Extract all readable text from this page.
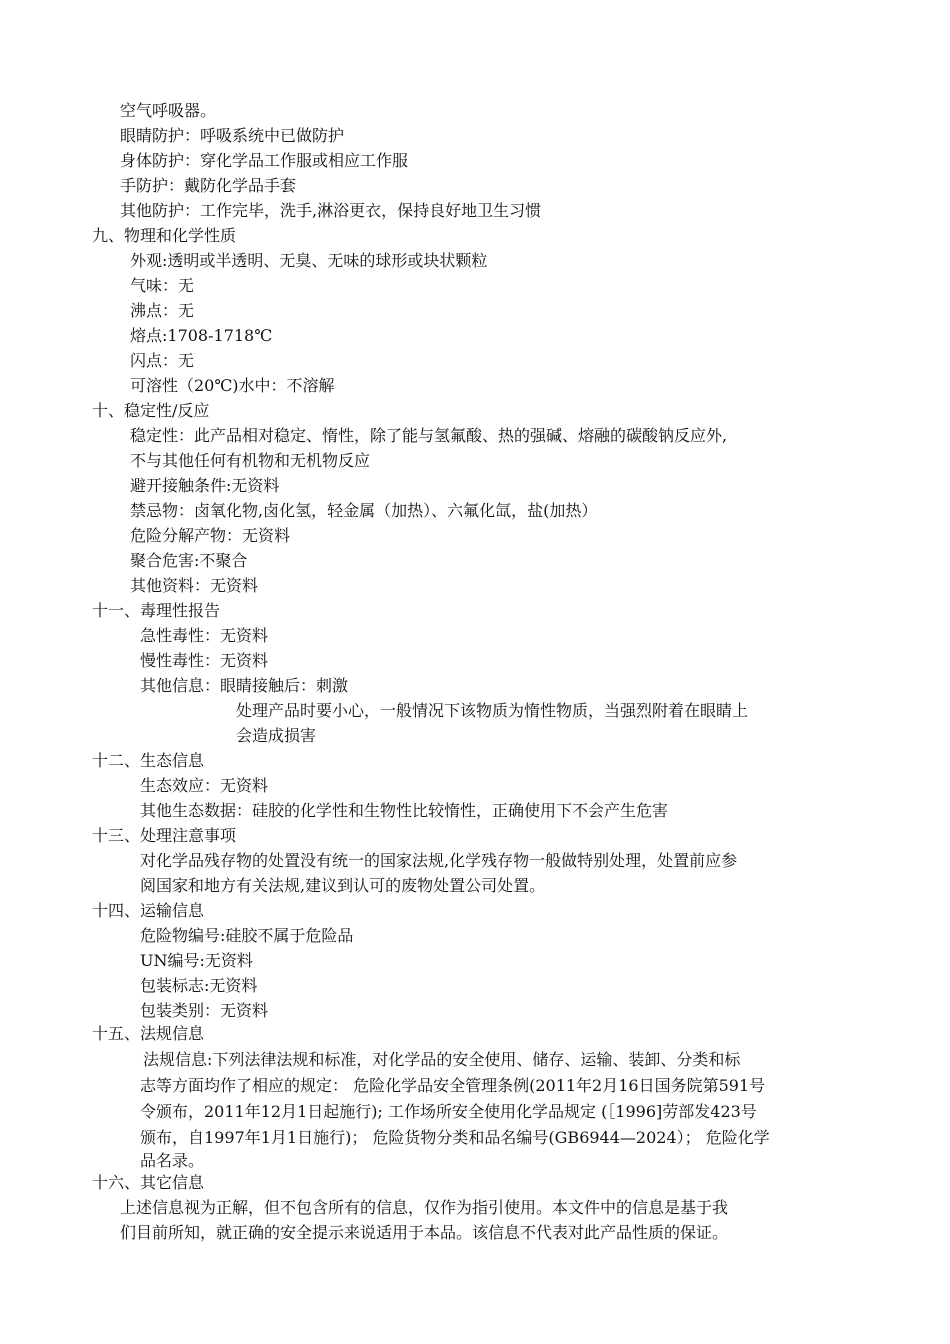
空气呼吸器。
眼睛防护：呼吸系统中已做防护
身体防护：穿化学品工作服或相应工作服
手防护：戴防化学品手套
其他防护：工作完毕，洗手,淋浴更衣，保持良好地卫生习惯
九、物理和化学性质
外观:透明或半透明、无臭、无味的球形或块状颗粒
气味：无
沸点：无
熔点:1708-1718℃
闪点：无
可溶性（20℃)水中：不溶解
十、稳定性/反应
稳定性：此产品相对稳定、惰性，除了能与氢氟酸、热的强碱、熔融的碳酸钠反应外,
不与其他任何有机物和无机物反应
避开接触条件:无资料
禁忌物：卤氧化物,卤化氢，轻金属（加热）、六氟化氙，盐(加热）
危险分解产物：无资料
聚合危害:不聚合
其他资料：无资料
十一、毒理性报告
急性毒性：无资料
慢性毒性：无资料
其他信息：眼睛接触后：刺激
处理产品时要小心，一般情况下该物质为惰性物质，当强烈附着在眼睛上
会造成损害
十二、生态信息
生态效应：无资料
其他生态数据：硅胶的化学性和生物性比较惰性，正确使用下不会产生危害
十三、处理注意事项
对化学品残存物的处置没有统一的国家法规,化学残存物一般做特别处理，处置前应参
阅国家和地方有关法规,建议到认可的废物处置公司处置。
十四、运输信息
危险物编号:硅胶不属于危险品
UN编号:无资料
包装标志:无资料
包装类别：无资料
十五、法规信息
法规信息:下列法律法规和标准，对化学品的安全使用、储存、运输、装卸、分类和标
志等方面均作了相应的规定： 危险化学品安全管理条例(2011年2月16日国务院第591号
令颁布，2011年12月1日起施行); 工作场所安全使用化学品规定 (［1996]劳部发423号
颁布，自1997年1月1日施行)； 危险货物分类和品名编号(GB6944—2024）； 危险化学
品名录。
十六、其它信息
上述信息视为正解，但不包含所有的信息，仅作为指引使用。本文件中的信息是基于我
们目前所知，就正确的安全提示来说适用于本品。该信息不代表对此产品性质的保证。
